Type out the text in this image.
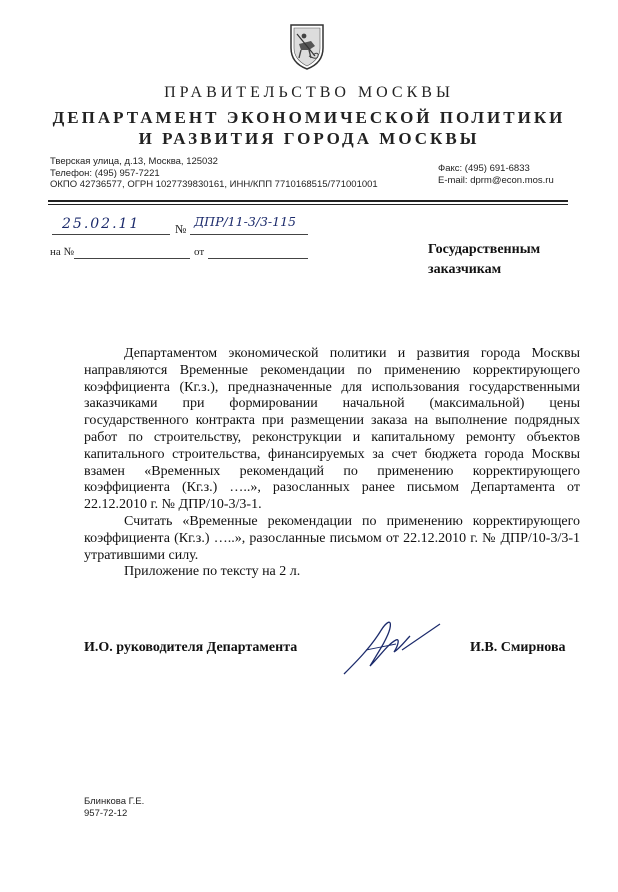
ПРАВИТЕЛЬСТВО МОСКВЫ
ДЕПАРТАМЕНТ ЭКОНОМИЧЕСКОЙ ПОЛИТИКИ
И РАЗВИТИЯ ГОРОДА МОСКВЫ
Тверская улица, д.13, Москва, 125032
Телефон: (495) 957-7221
ОКПО 42736577, ОГРН 1027739830161, ИНН/КПП 7710168515/771001001
Факс: (495) 691-6833
E-mail: dprm@econ.mos.ru
25.02.11	№ ДПР/11-3/3-115
на №	от	Государственным
заказчикам

Департаментом экономической политики и развития города Москвы направляются Временные рекомендации по применению корректирующего коэффициента (Кг.з.), предназначенные для использования государственными заказчиками при формировании начальной (максимальной) цены государственного контракта при размещении заказа на выполнение подрядных работ по строительству, реконструкции и капитальному ремонту объектов капитального строительства, финансируемых за счет бюджета города Москвы взамен «Временных рекомендаций по применению корректирующего коэффициента (Кг.з.) …..», разосланных ранее письмом Департамента от 22.12.2010 г. № ДПР/10-3/3-1.

Считать «Временные рекомендации по применению корректирующего коэффициента (Кг.з.) …..», разосланные письмом от 22.12.2010 г. № ДПР/10-3/3-1 утратившими силу.

Приложение по тексту на 2 л.

И.О. руководителя Департамента	И.В. Смирнова
Блинкова Г.Е.
957-72-12
